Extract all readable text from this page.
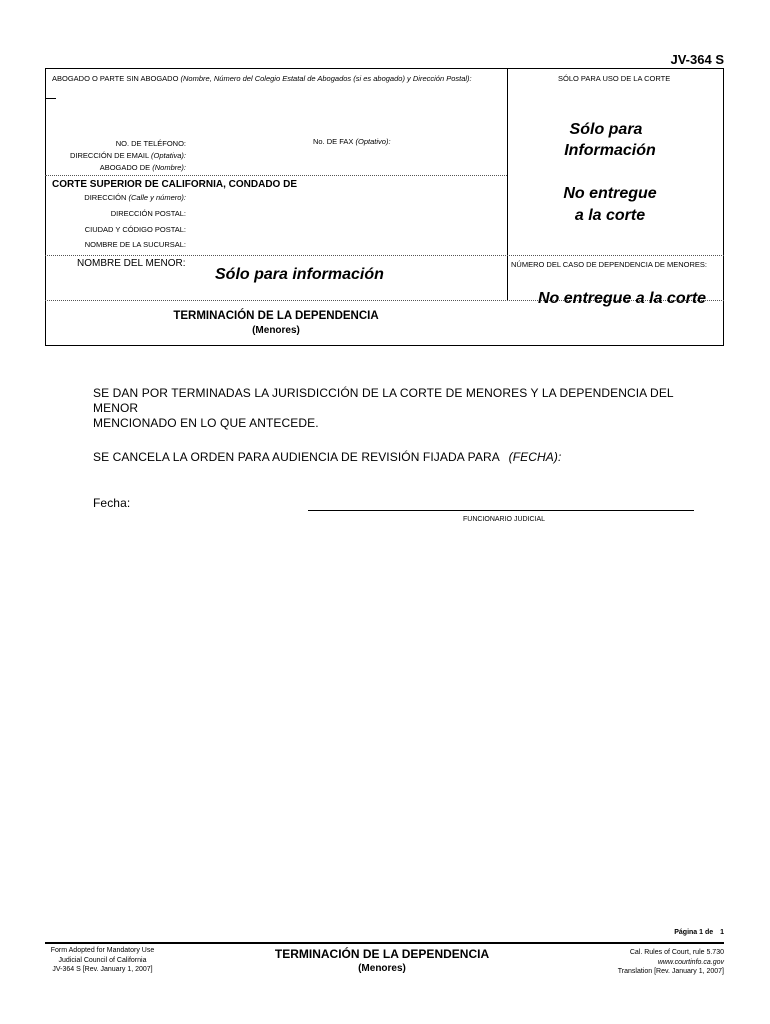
JV-364 S
ABOGADO O PARTE SIN ABOGADO (Nombre, Número del Colegio Estatal de Abogados (si es abogado) y Dirección Postal):	SÓLO PARA USO DE LA CORTE
NO. DE TELÉFONO:	No. DE FAX (Optativo):
DIRECCIÓN DE EMAIL (Optativa):
ABOGADO DE (Nombre):
CORTE SUPERIOR DE CALIFORNIA, CONDADO DE
DIRECCIÓN (Calle y número):
DIRECCIÓN POSTAL:
CIUDAD Y CÓDIGO POSTAL:
NOMBRE DE LA SUCURSAL:
Sólo para
Información
No entregue
a la corte
NOMBRE DEL MENOR:
Sólo para información
NÚMERO DEL CASO DE DEPENDENCIA DE MENORES:
No entregue a la corte
TERMINACIÓN DE LA DEPENDENCIA
(Menores)
SE DAN POR TERMINADAS LA JURISDICCIÓN DE LA CORTE DE MENORES Y LA DEPENDENCIA DEL MENOR
MENCIONADO EN LO QUE ANTECEDE.
SE CANCELA LA ORDEN PARA AUDIENCIA DE REVISIÓN FIJADA PARA (FECHA):
Fecha:
FUNCIONARIO JUDICIAL
Página 1 de 1
Form Adopted for Mandatory Use
Judicial Council of California
JV-364 S [Rev. January 1, 2007]
TERMINACIÓN DE LA DEPENDENCIA
(Menores)
Cal. Rules of Court, rule 5.730
www.courtinfo.ca.gov
Translation [Rev. January 1, 2007]
